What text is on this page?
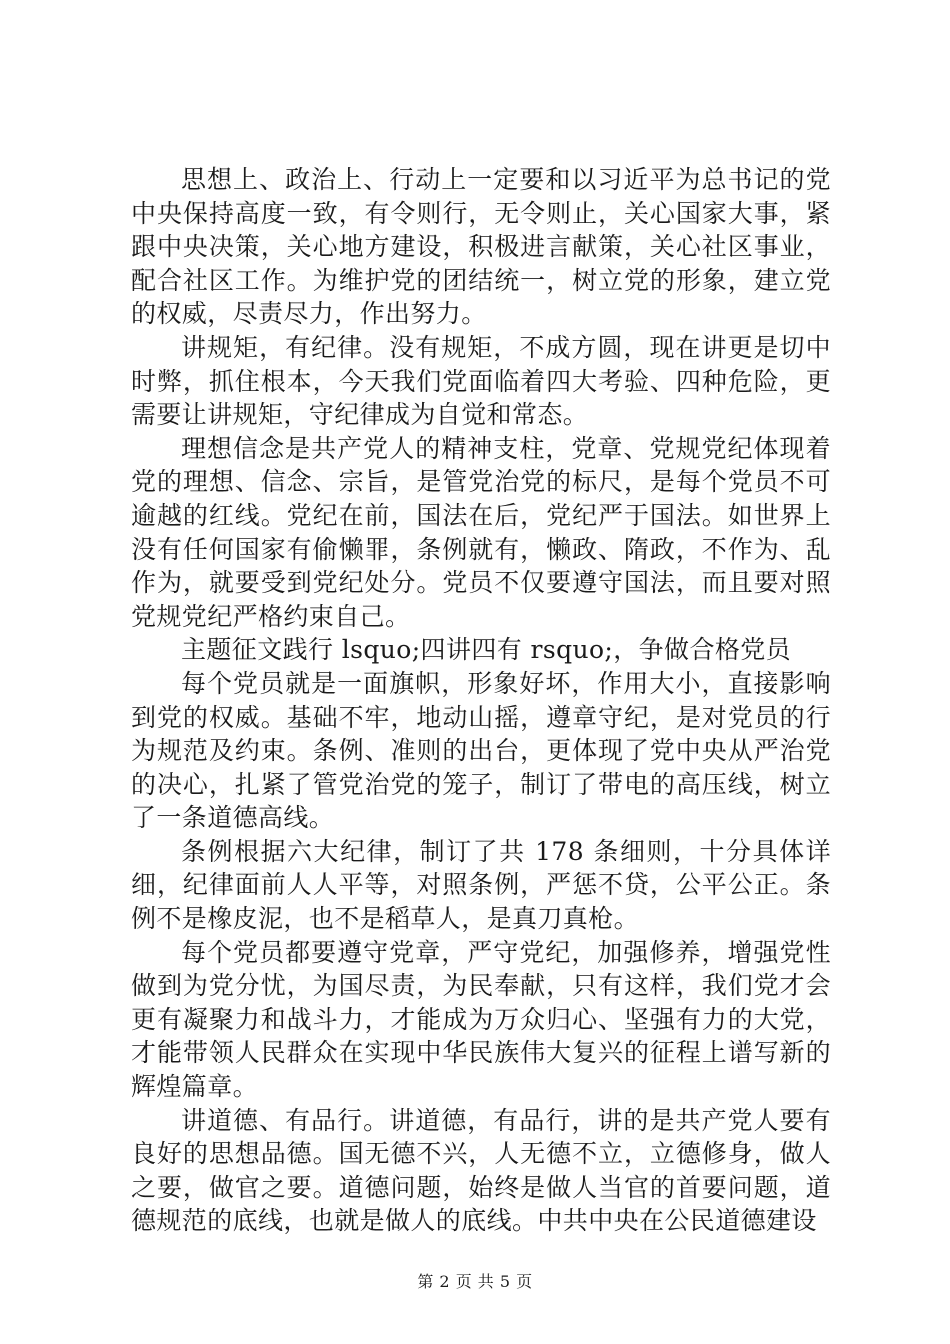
思想上、政治上、行动上一定要和以习近平为总书记的党中央保持高度一致，有令则行，无令则止，关心国家大事，紧跟中央决策，关心地方建设，积极进言献策，关心社区事业，配合社区工作。为维护党的团结统一，树立党的形象，建立党的权威，尽责尽力，作出努力。

讲规矩，有纪律。没有规矩，不成方圆，现在讲更是切中时弊，抓住根本，今天我们党面临着四大考验、四种危险，更需要让讲规矩，守纪律成为自觉和常态。

理想信念是共产党人的精神支柱，党章、党规党纪体现着党的理想、信念、宗旨，是管党治党的标尺，是每个党员不可逾越的红线。党纪在前，国法在后，党纪严于国法。如世界上没有任何国家有偷懒罪，条例就有，懒政、隋政，不作为、乱作为，就要受到党纪处分。党员不仅要遵守国法，而且要对照党规党纪严格约束自己。

主题征文践行 lsquo;四讲四有 rsquo;，争做合格党员

每个党员就是一面旗帜，形象好坏，作用大小，直接影响到党的权威。基础不牢，地动山摇，遵章守纪，是对党员的行为规范及约束。条例、准则的出台，更体现了党中央从严治党的决心，扎紧了管党治党的笼子，制订了带电的高压线，树立了一条道德高线。

条例根据六大纪律，制订了共 178 条细则，十分具体详细，纪律面前人人平等，对照条例，严惩不贷，公平公正。条例不是橡皮泥，也不是稻草人，是真刀真枪。

每个党员都要遵守党章，严守党纪，加强修养，增强党性做到为党分忧，为国尽责，为民奉献，只有这样，我们党才会更有凝聚力和战斗力，才能成为万众归心、坚强有力的大党，才能带领人民群众在实现中华民族伟大复兴的征程上谱写新的辉煌篇章。

讲道德、有品行。讲道德，有品行，讲的是共产党人要有良好的思想品德。国无德不兴，人无德不立，立德修身，做人之要，做官之要。道德问题，始终是做人当官的首要问题，道德规范的底线，也就是做人的底线。中共中央在公民道德建设

第 2 页 共 5 页
